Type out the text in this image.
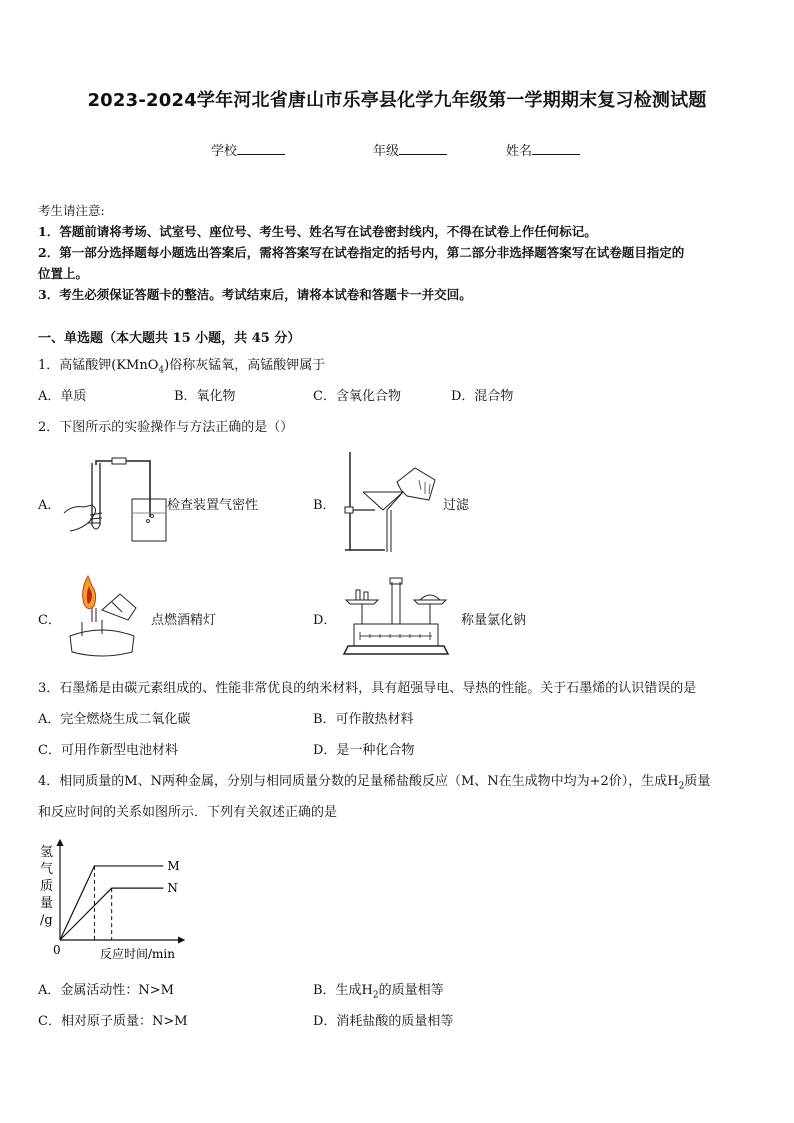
2023-2024学年河北省唐山市乐亭县化学九年级第一学期期末复习检测试题
学校	年级	姓名
考生请注意:
1．答题前请将考场、试室号、座位号、考生号、姓名写在试卷密封线内，不得在试卷上作任何标记。
2．第一部分选择题每小题选出答案后，需将答案写在试卷指定的括号内，第二部分非选择题答案写在试卷题目指定的
位置上。
3．考生必须保证答题卡的整洁。考试结束后，请将本试卷和答题卡一并交回。
一、单选题（本大题共 15 小题，共 45 分）
1．高锰酸钾(KMnO$_4$)俗称灰锰氧，高锰酸钾属于
A．单质	B．氧化物	C．含氧化合物	D．混合物
2．下图所示的实验操作与方法正确的是（）
A．	检查装置气密性	B．	过滤
C．	点燃酒精灯	D．	称量氯化钠
3．石墨烯是由碳元素组成的、性能非常优良的纳米材料，具有超强导电、导热的性能。关于石墨烯的认识错误的是
A．完全燃烧生成二氧化碳	B．可作散热材料
C．可用作新型电池材料	D．是一种化合物
4．相同质量的M、N两种金属，分别与相同质量分数的足量稀盐酸反应（M、N在生成物中均为+2价），生成$H_2$质量
和反应时间的关系如图所示．下列有关叙述正确的是
氢
气
质
量
/g
0	反应时间/min
M
N
A．金属活动性：N>M	B．生成$H_2$的质量相等
C．相对原子质量：N>M	D．消耗盐酸的质量相等
